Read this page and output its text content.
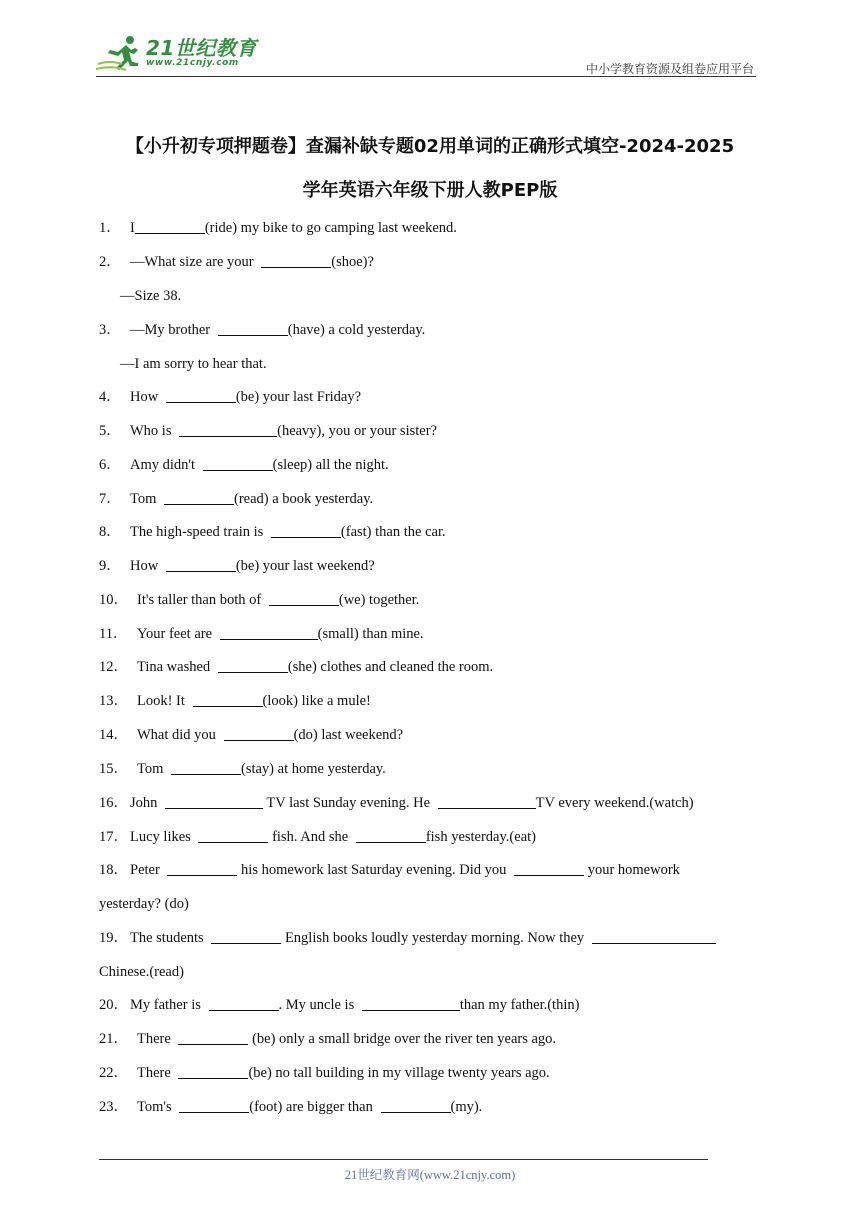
21世纪教育
www.21cnjy.com	中小学教育资源及组卷应用平台
【小升初专项押题卷】查漏补缺专题02用单词的正确形式填空-2024-2025
学年英语六年级下册人教PEP版
1． I	(ride) my bike to go camping last weekend.
2． —What size are your	(shoe)?
—Size 38.
3． —My brother	(have) a cold yesterday.
—I am sorry to hear that.
4． How	(be) your last Friday?
5． Who is	(heavy), you or your sister?
6． Amy didn't	(sleep) all the night.
7． Tom	(read) a book yesterday.
8． The high-speed train is	(fast) than the car.
9． How	(be) your last weekend?
10． It's taller than both of	(we) together.
11． Your feet are	(small) than mine.
12． Tina washed	(she) clothes and cleaned the room.
13． Look! It	(look) like a mule!
14． What did you	(do) last weekend?
15． Tom	(stay) at home yesterday.
16． John	TV last Sunday evening. He	TV every weekend.(watch)
17． Lucy likes	fish. And she	fish yesterday.(eat)
18． Peter	his homework last Saturday evening. Did you	your homework
yesterday? (do)
19． The students	English books loudly yesterday morning. Now they
Chinese.(read)
20． My father is	. My uncle is	than my father.(thin)
21． There	(be) only a small bridge over the river ten years ago.
22． There	(be) no tall building in my village twenty years ago.
23． Tom's	(foot) are bigger than	(my).
21世纪教育网(www.21cnjy.com)
